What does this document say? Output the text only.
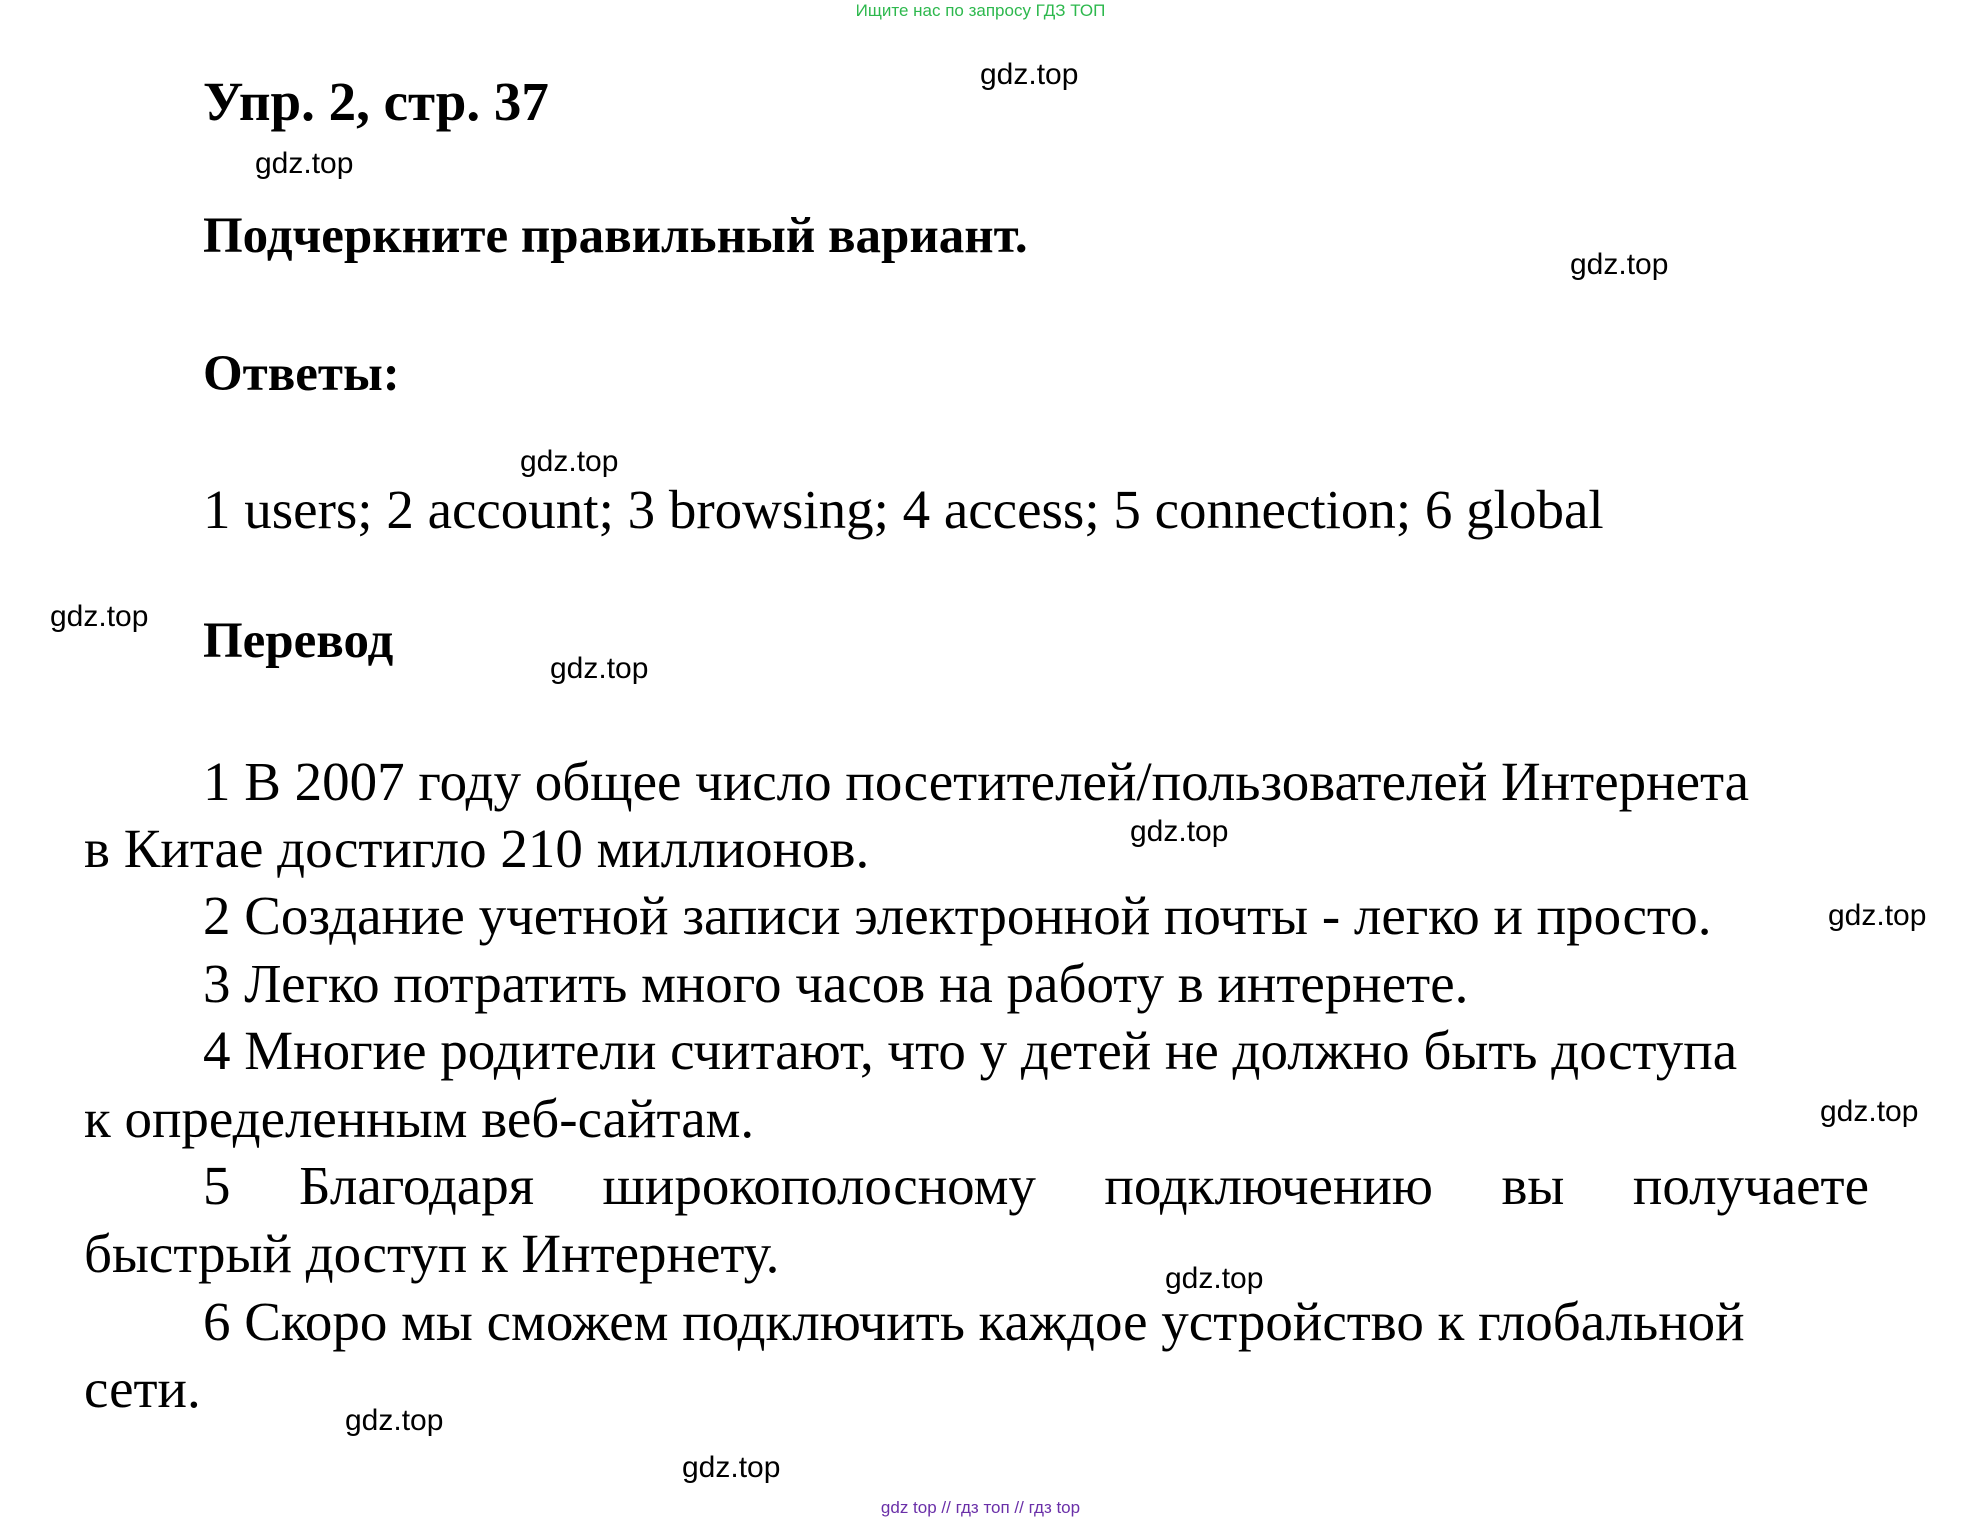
Ищите нас по запросу ГДЗ ТОП
Упр. 2, стр. 37
Подчеркните правильный вариант.
Ответы:
1 users; 2 account; 3 browsing; 4 access; 5 connection; 6 global
Перевод
1 В 2007 году общее число посетителей/пользователей Интернета
в Китае достигло 210 миллионов.
2 Создание учетной записи электронной почты - легко и просто.
3 Легко потратить много часов на работу в интернете.
4 Многие родители считают, что у детей не должно быть доступа
к определенным веб-сайтам.
5 Благодаря широкополосному подключению вы получаете
быстрый доступ к Интернету.
6 Скоро мы сможем подключить каждое устройство к глобальной
сети.
gdz.top
gdz.top
gdz.top
gdz.top
gdz.top
gdz.top
gdz.top
gdz.top
gdz.top
gdz.top
gdz.top
gdz.top
gdz top // гдз топ // гдз top
